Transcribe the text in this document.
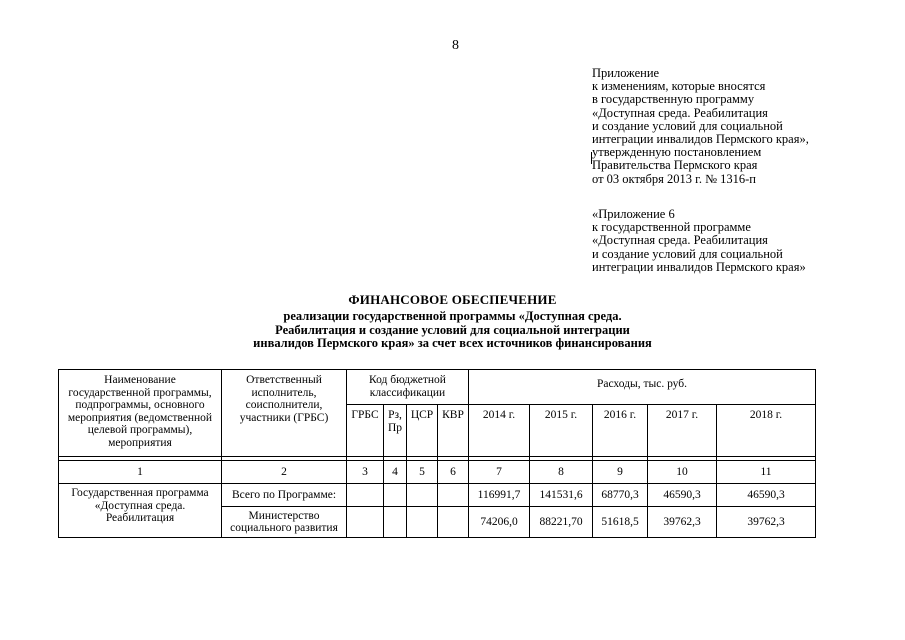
8
Приложение
к изменениям, которые вносятся
в государственную программу
«Доступная среда. Реабилитация
и создание условий для социальной
интеграции инвалидов Пермского края»,
утвержденную постановлением
Правительства Пермского края
от 03 октября 2013 г. № 1316-п
«Приложение 6
к государственной программе
«Доступная среда. Реабилитация
и создание условий для социальной
интеграции инвалидов Пермского края»
ФИНАНСОВОЕ ОБЕСПЕЧЕНИЕ
реализации государственной программы «Доступная среда.
Реабилитация и создание условий для социальной интеграции
инвалидов Пермского края» за счет всех источников финансирования
Наименование государственной программы, подпрограммы, основного мероприятия (ведомственной целевой программы), мероприятия	Ответственный исполнитель, соисполнители, участники (ГРБС)	Код бюджетной классификации				Расходы, тыс. руб.				
		ГРБС	Рз, Пр	ЦСР	КВР	2014 г.	2015 г.	2016 г.	2017 г.	2018 г.

1	2	3	4	5	6	7	8	9	10	11
Государственная программа «Доступная среда. Реабилитация	Всего по Программе:					116991,7	141531,6	68770,3	46590,3	46590,3
	Министерство социального развития					74206,0	88221,70	51618,5	39762,3	39762,3
